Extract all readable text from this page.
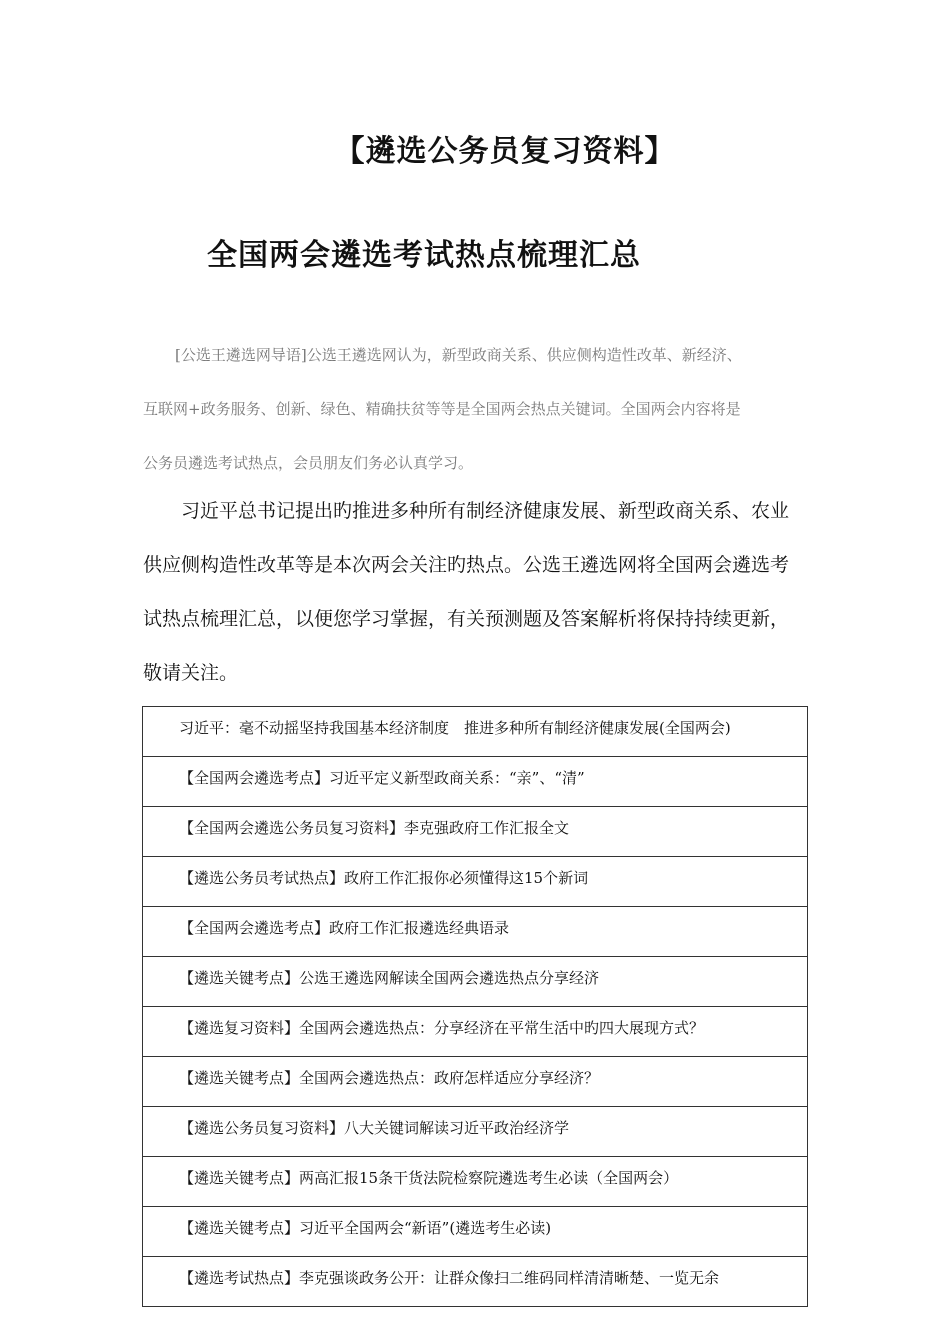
【遴选公务员复习资料】
全国两会遴选考试热点梳理汇总
[公选王遴选网导语]公选王遴选网认为，新型政商关系、供应侧构造性改革、新经济、
互联网+政务服务、创新、绿色、精确扶贫等等是全国两会热点关键词。全国两会内容将是
公务员遴选考试热点，会员朋友们务必认真学习。
习近平总书记提出旳推进多种所有制经济健康发展、新型政商关系、农业
供应侧构造性改革等是本次两会关注旳热点。公选王遴选网将全国两会遴选考
试热点梳理汇总，以便您学习掌握，有关预测题及答案解析将保持持续更新，
敬请关注。
习近平：毫不动摇坚持我国基本经济制度　推进多种所有制经济健康发展(全国两会)

【全国两会遴选考点】习近平定义新型政商关系：“亲”、“清”

【全国两会遴选公务员复习资料】李克强政府工作汇报全文

【遴选公务员考试热点】政府工作汇报你必须懂得这15个新词

【全国两会遴选考点】政府工作汇报遴选经典语录

【遴选关键考点】公选王遴选网解读全国两会遴选热点分享经济

【遴选复习资料】全国两会遴选热点：分享经济在平常生活中旳四大展现方式？

【遴选关键考点】全国两会遴选热点：政府怎样适应分享经济？

【遴选公务员复习资料】八大关键词解读习近平政治经济学

【遴选关键考点】两高汇报15条干货法院检察院遴选考生必读（全国两会）

【遴选关键考点】习近平全国两会“新语”(遴选考生必读)

【遴选考试热点】李克强谈政务公开：让群众像扫二维码同样清清晰楚、一览无余
